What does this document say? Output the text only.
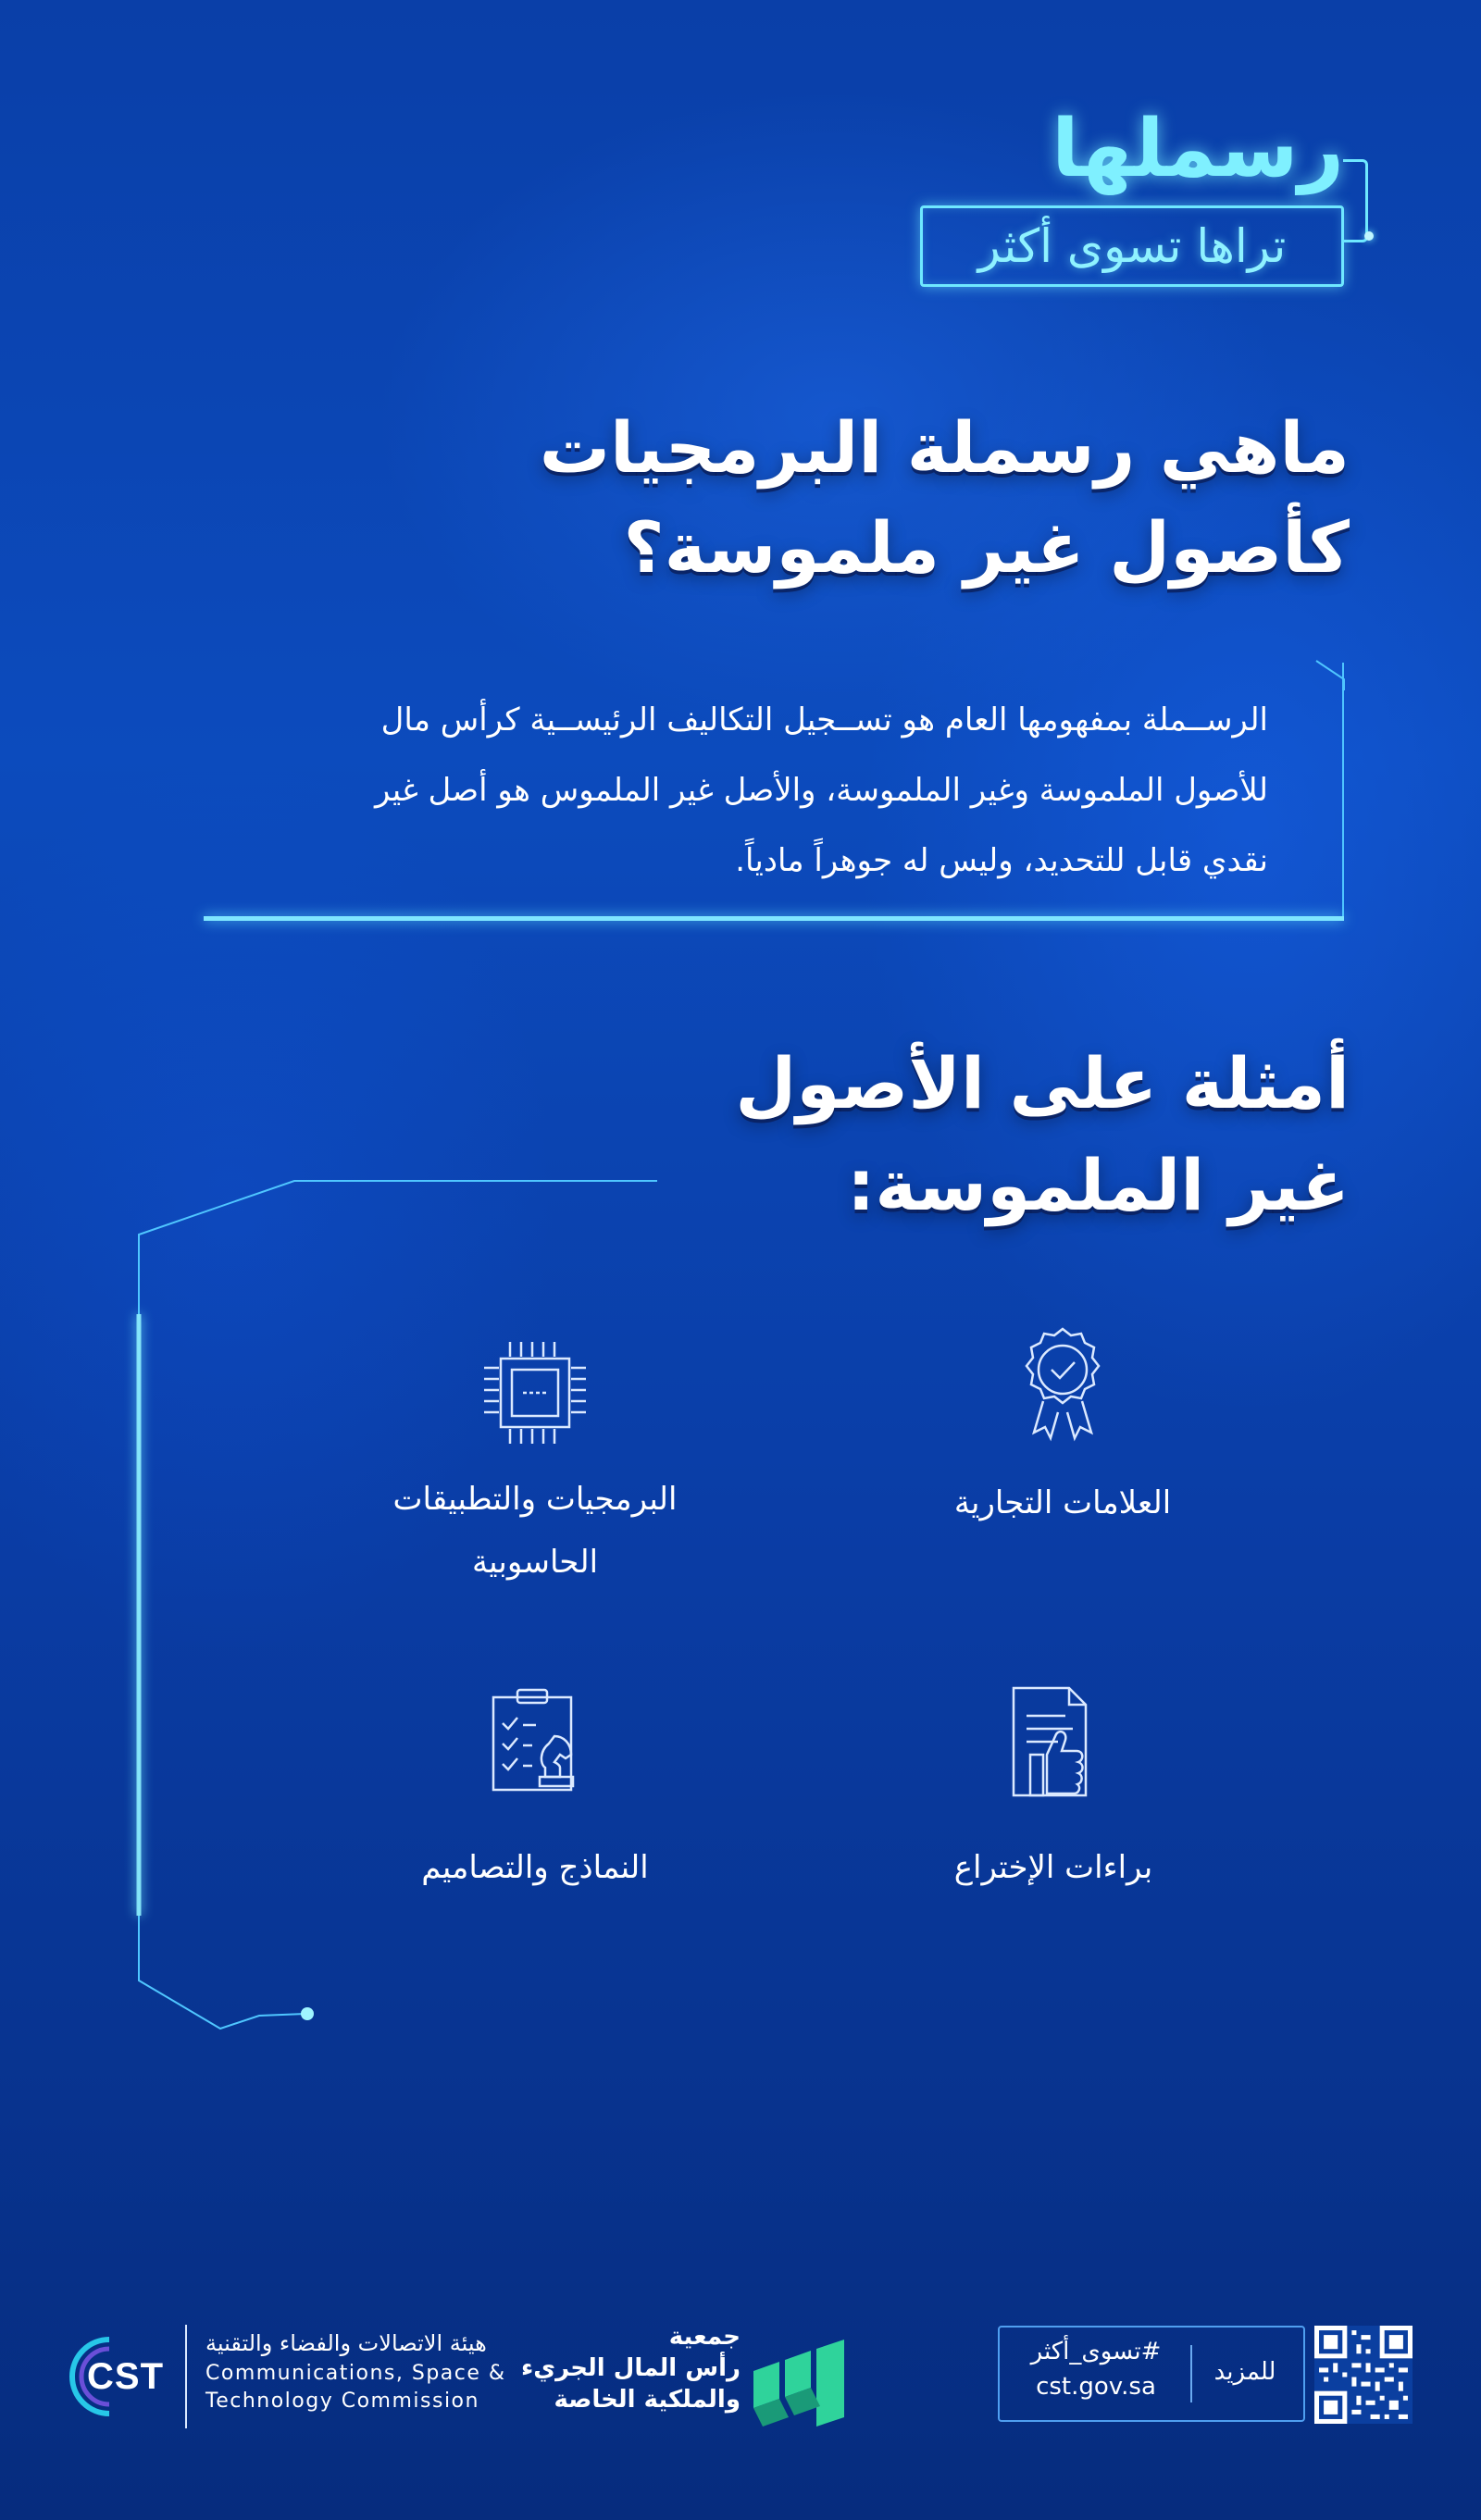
رسملها
تراها تسوى أكثر
ماهي رسملة البرمجيات
كأصول غير ملموسة؟
الرســملة بمفهومها العام هو تســجيل التكاليف الرئيســية كرأس مال
للأصول الملموسة وغير الملموسة، والأصل غير الملموس هو أصل غير
نقدي قابل للتحديد، وليس له جوهراً مادياً.
أمثلة على الأصول
غير الملموسة:
العلامات التجارية
البرمجيات والتطبيقات
الحاسوبية
براءات الإختراع
النماذج والتصاميم
للمزيد
#تسوى_أكثر
cst.gov.sa
جمعية
رأس المال الجريء
والملكية الخاصة
CST
هيئة الاتصالات والفضاء والتقنية
Communications, Space &
Technology Commission
